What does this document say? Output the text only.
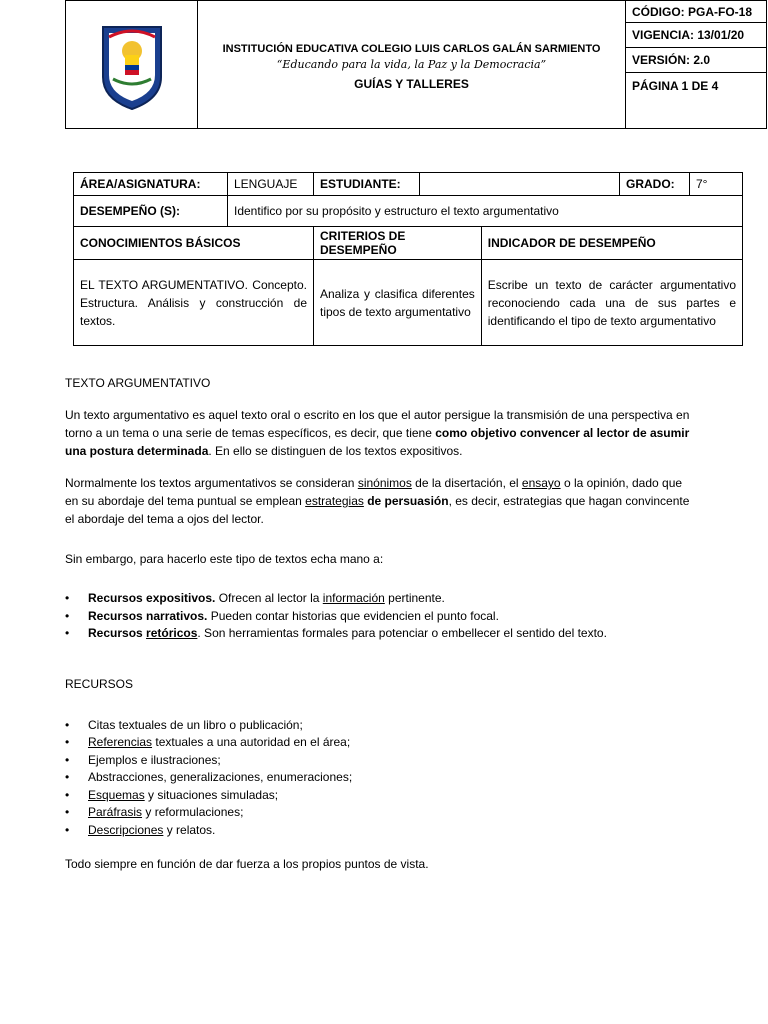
INSTITUCIÓN EDUCATIVA COLEGIO LUIS CARLOS GALÁN SARMIENTO
“Educando para la vida, la Paz y la Democracia”
GUÍAS Y TALLERES
	CÓDIGO: PGA-FO-18
VIGENCIA: 13/01/20
VERSIÓN: 2.0
PÁGINA 1 DE 4
ÁREA/ASIGNATURA:	LENGUAJE	ESTUDIANTE:			GRADO:	7°
DESEMPEÑO (S):	Identifico por su propósito y estructuro el texto argumentativo					
CONOCIMIENTOS BÁSICOS		CRITERIOS DE DESEMPEÑO		INDICADOR DE DESEMPEÑO		
EL TEXTO ARGUMENTATIVO. Concepto. Estructura. Análisis y construcción de textos.		Analiza y clasifica diferentes tipos de texto argumentativo		Escribe un texto de carácter argumentativo reconociendo cada una de sus partes e identificando el tipo de texto argumentativo		

TEXTO ARGUMENTATIVO

Un texto argumentativo es aquel texto oral o escrito en los que el autor persigue la transmisión de una perspectiva en
torno a un tema o una serie de temas específicos, es decir, que tiene como objetivo convencer al lector de asumir
una postura determinada. En ello se distinguen de los textos expositivos.

Normalmente los textos argumentativos se consideran sinónimos de la disertación, el ensayo o la opinión, dado que
en su abordaje del tema puntual se emplean estrategias de persuasión, es decir, estrategias que hagan convincente
el abordaje del tema a ojos del lector.

Sin embargo, para hacerlo este tipo de textos echa mano a:

• Recursos expositivos. Ofrecen al lector la información pertinente.
• Recursos narrativos. Pueden contar historias que evidencien el punto focal.
• Recursos retóricos. Son herramientas formales para potenciar o embellecer el sentido del texto.

RECURSOS

• Citas textuales de un libro o publicación;
• Referencias textuales a una autoridad en el área;
• Ejemplos e ilustraciones;
• Abstracciones, generalizaciones, enumeraciones;
• Esquemas y situaciones simuladas;
• Paráfrasis y reformulaciones;
• Descripciones y relatos.

Todo siempre en función de dar fuerza a los propios puntos de vista.
